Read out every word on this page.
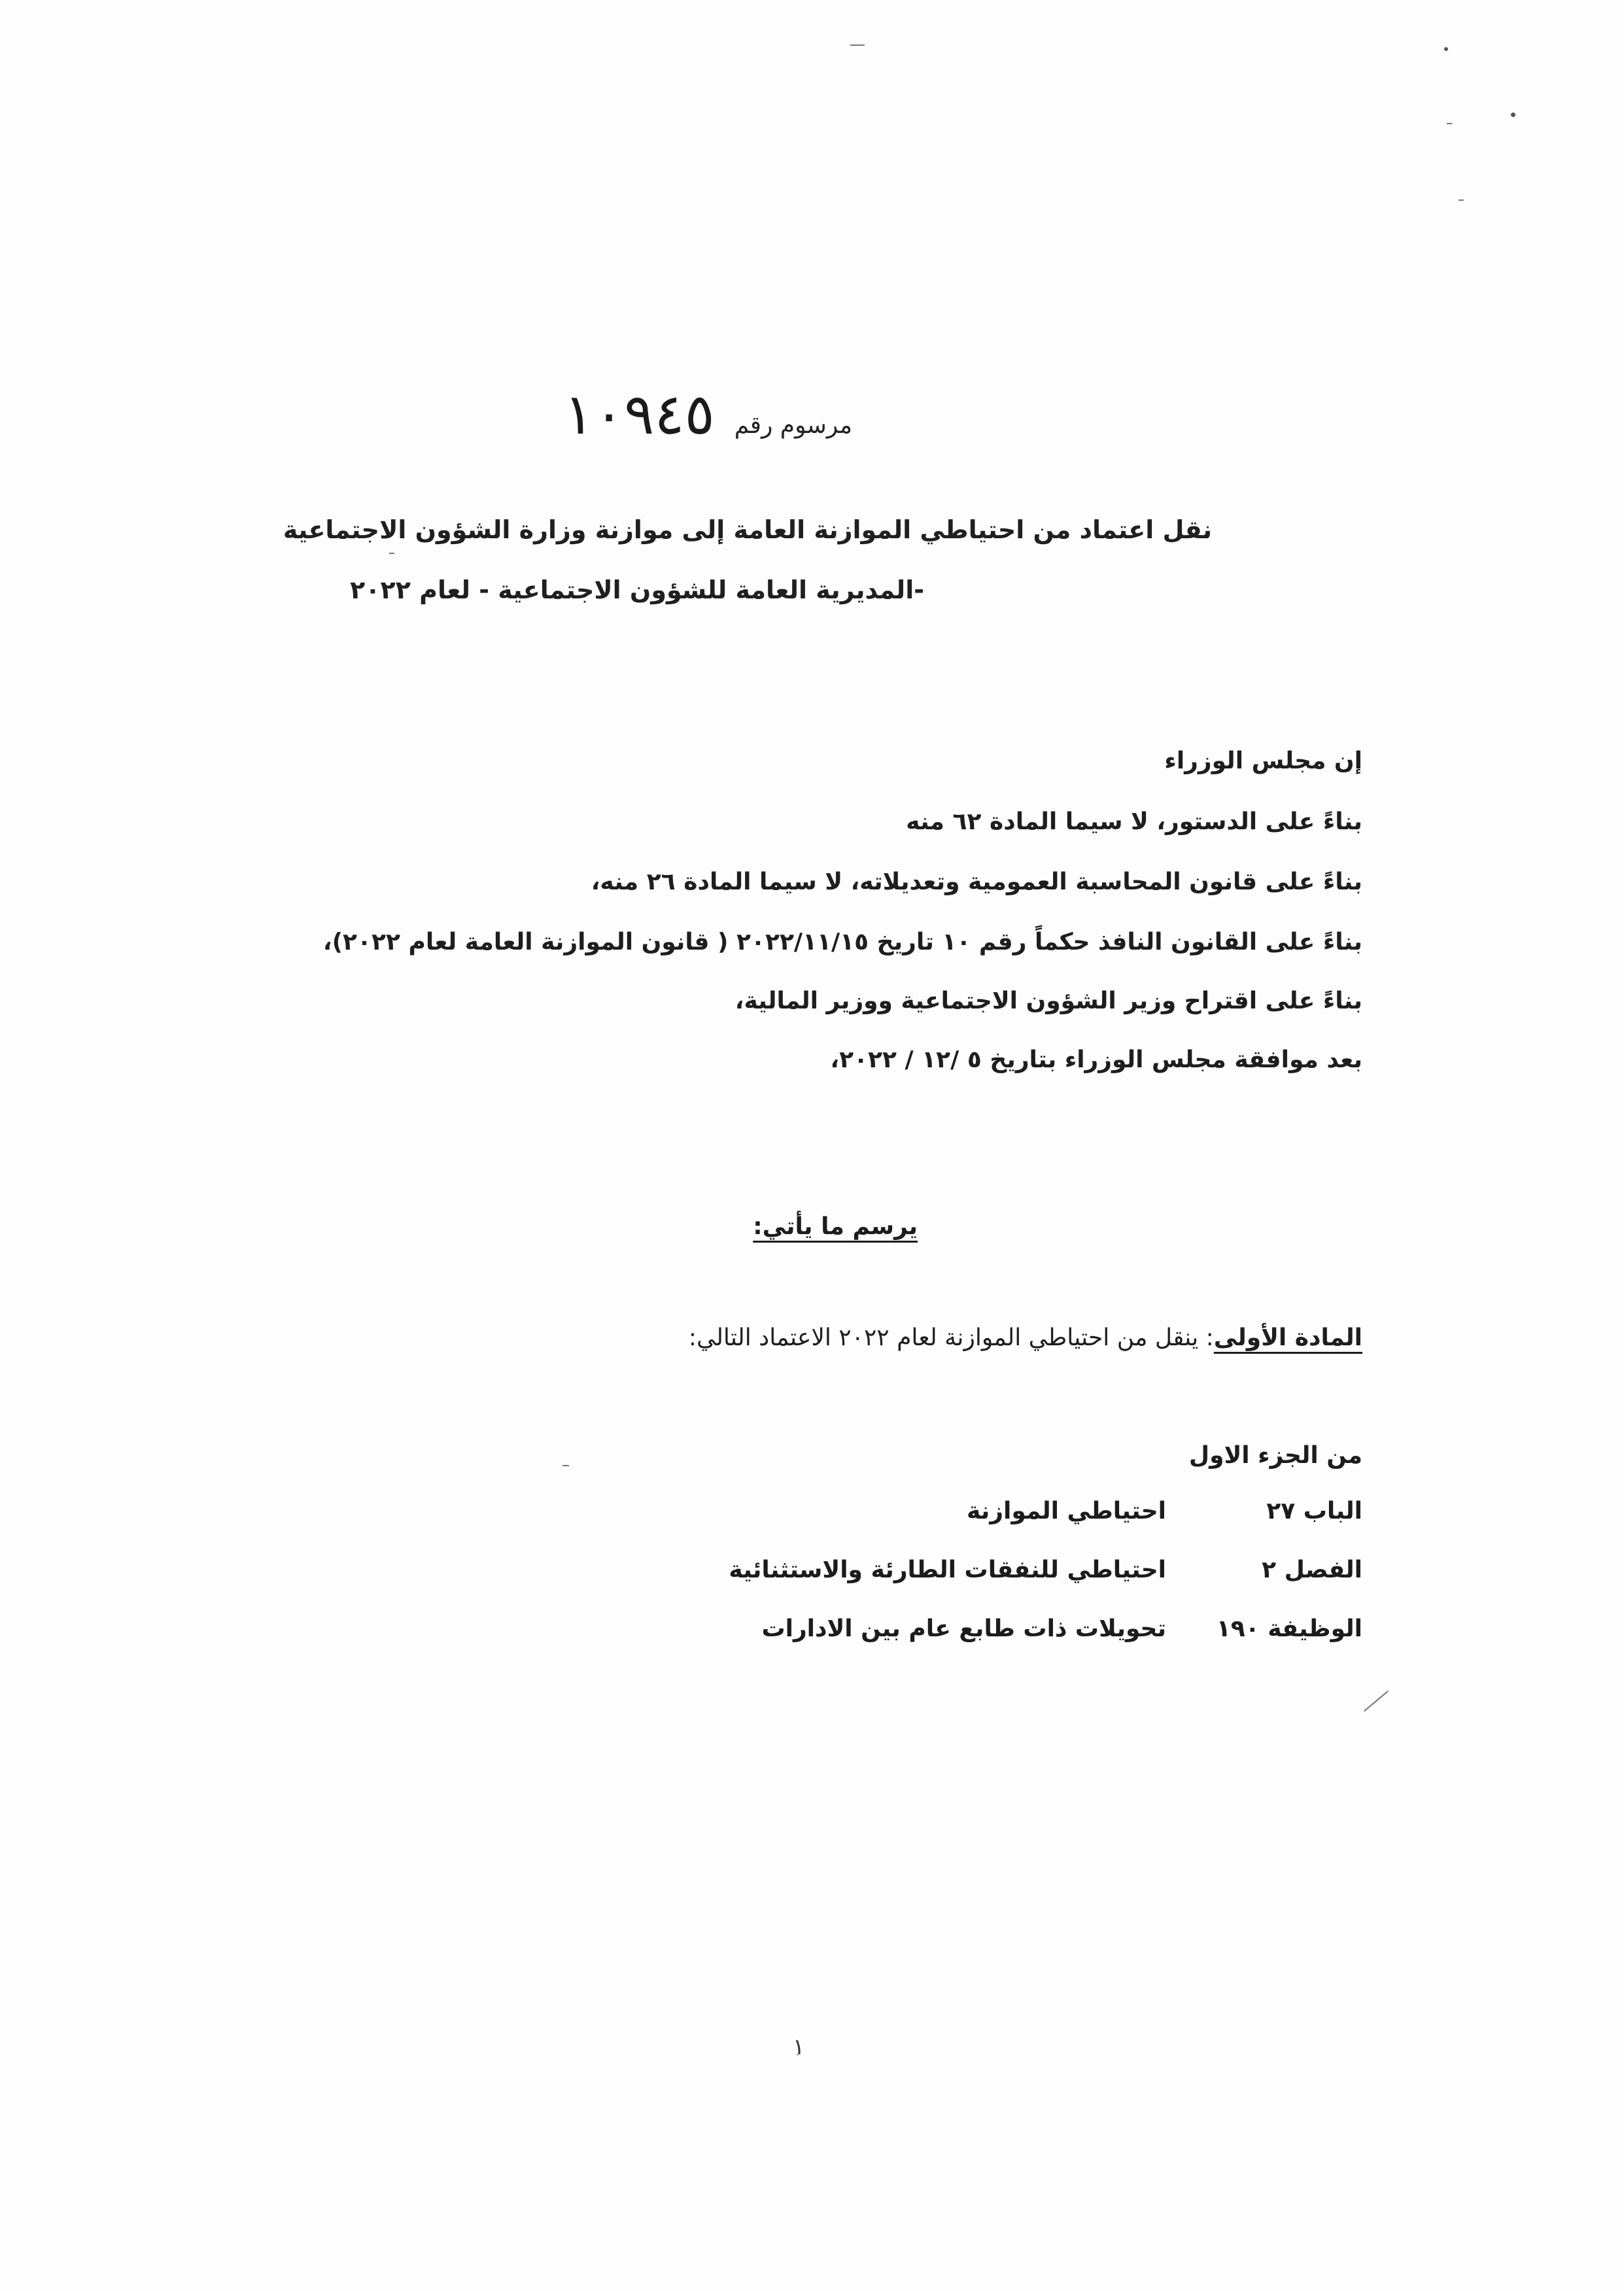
مرسوم رقم
١٠٩٤٥
نقل اعتماد من احتياطي الموازنة العامة إلى موازنة وزارة الشؤون الاجتماعية
-المديرية العامة للشؤون الاجتماعية - لعام ٢٠٢٢
إن مجلس الوزراء
بناءً على الدستور، لا سيما المادة ٦٢ منه
بناءً على قانون المحاسبة العمومية وتعديلاته، لا سيما المادة ٢٦ منه،
بناءً على القانون النافذ حكماً رقم ١٠ تاريخ ٢٠٢٢/١١/١٥ ( قانون الموازنة العامة لعام ٢٠٢٢)،
بناءً على اقتراح وزير الشؤون الاجتماعية ووزير المالية،
بعد موافقة مجلس الوزراء بتاريخ ٥ /١٢ / ٢٠٢٢،
يرسم ما يأتي:
المادة الأولى: ينقل من احتياطي الموازنة لعام ٢٠٢٢ الاعتماد التالي:
من الجزء الاول
الباب ٢٧
احتياطي الموازنة
الفصل ٢
احتياطي للنفقات الطارئة والاستثنائية
الوظيفة ١٩٠
تحويلات ذات طابع عام بين الادارات
١
